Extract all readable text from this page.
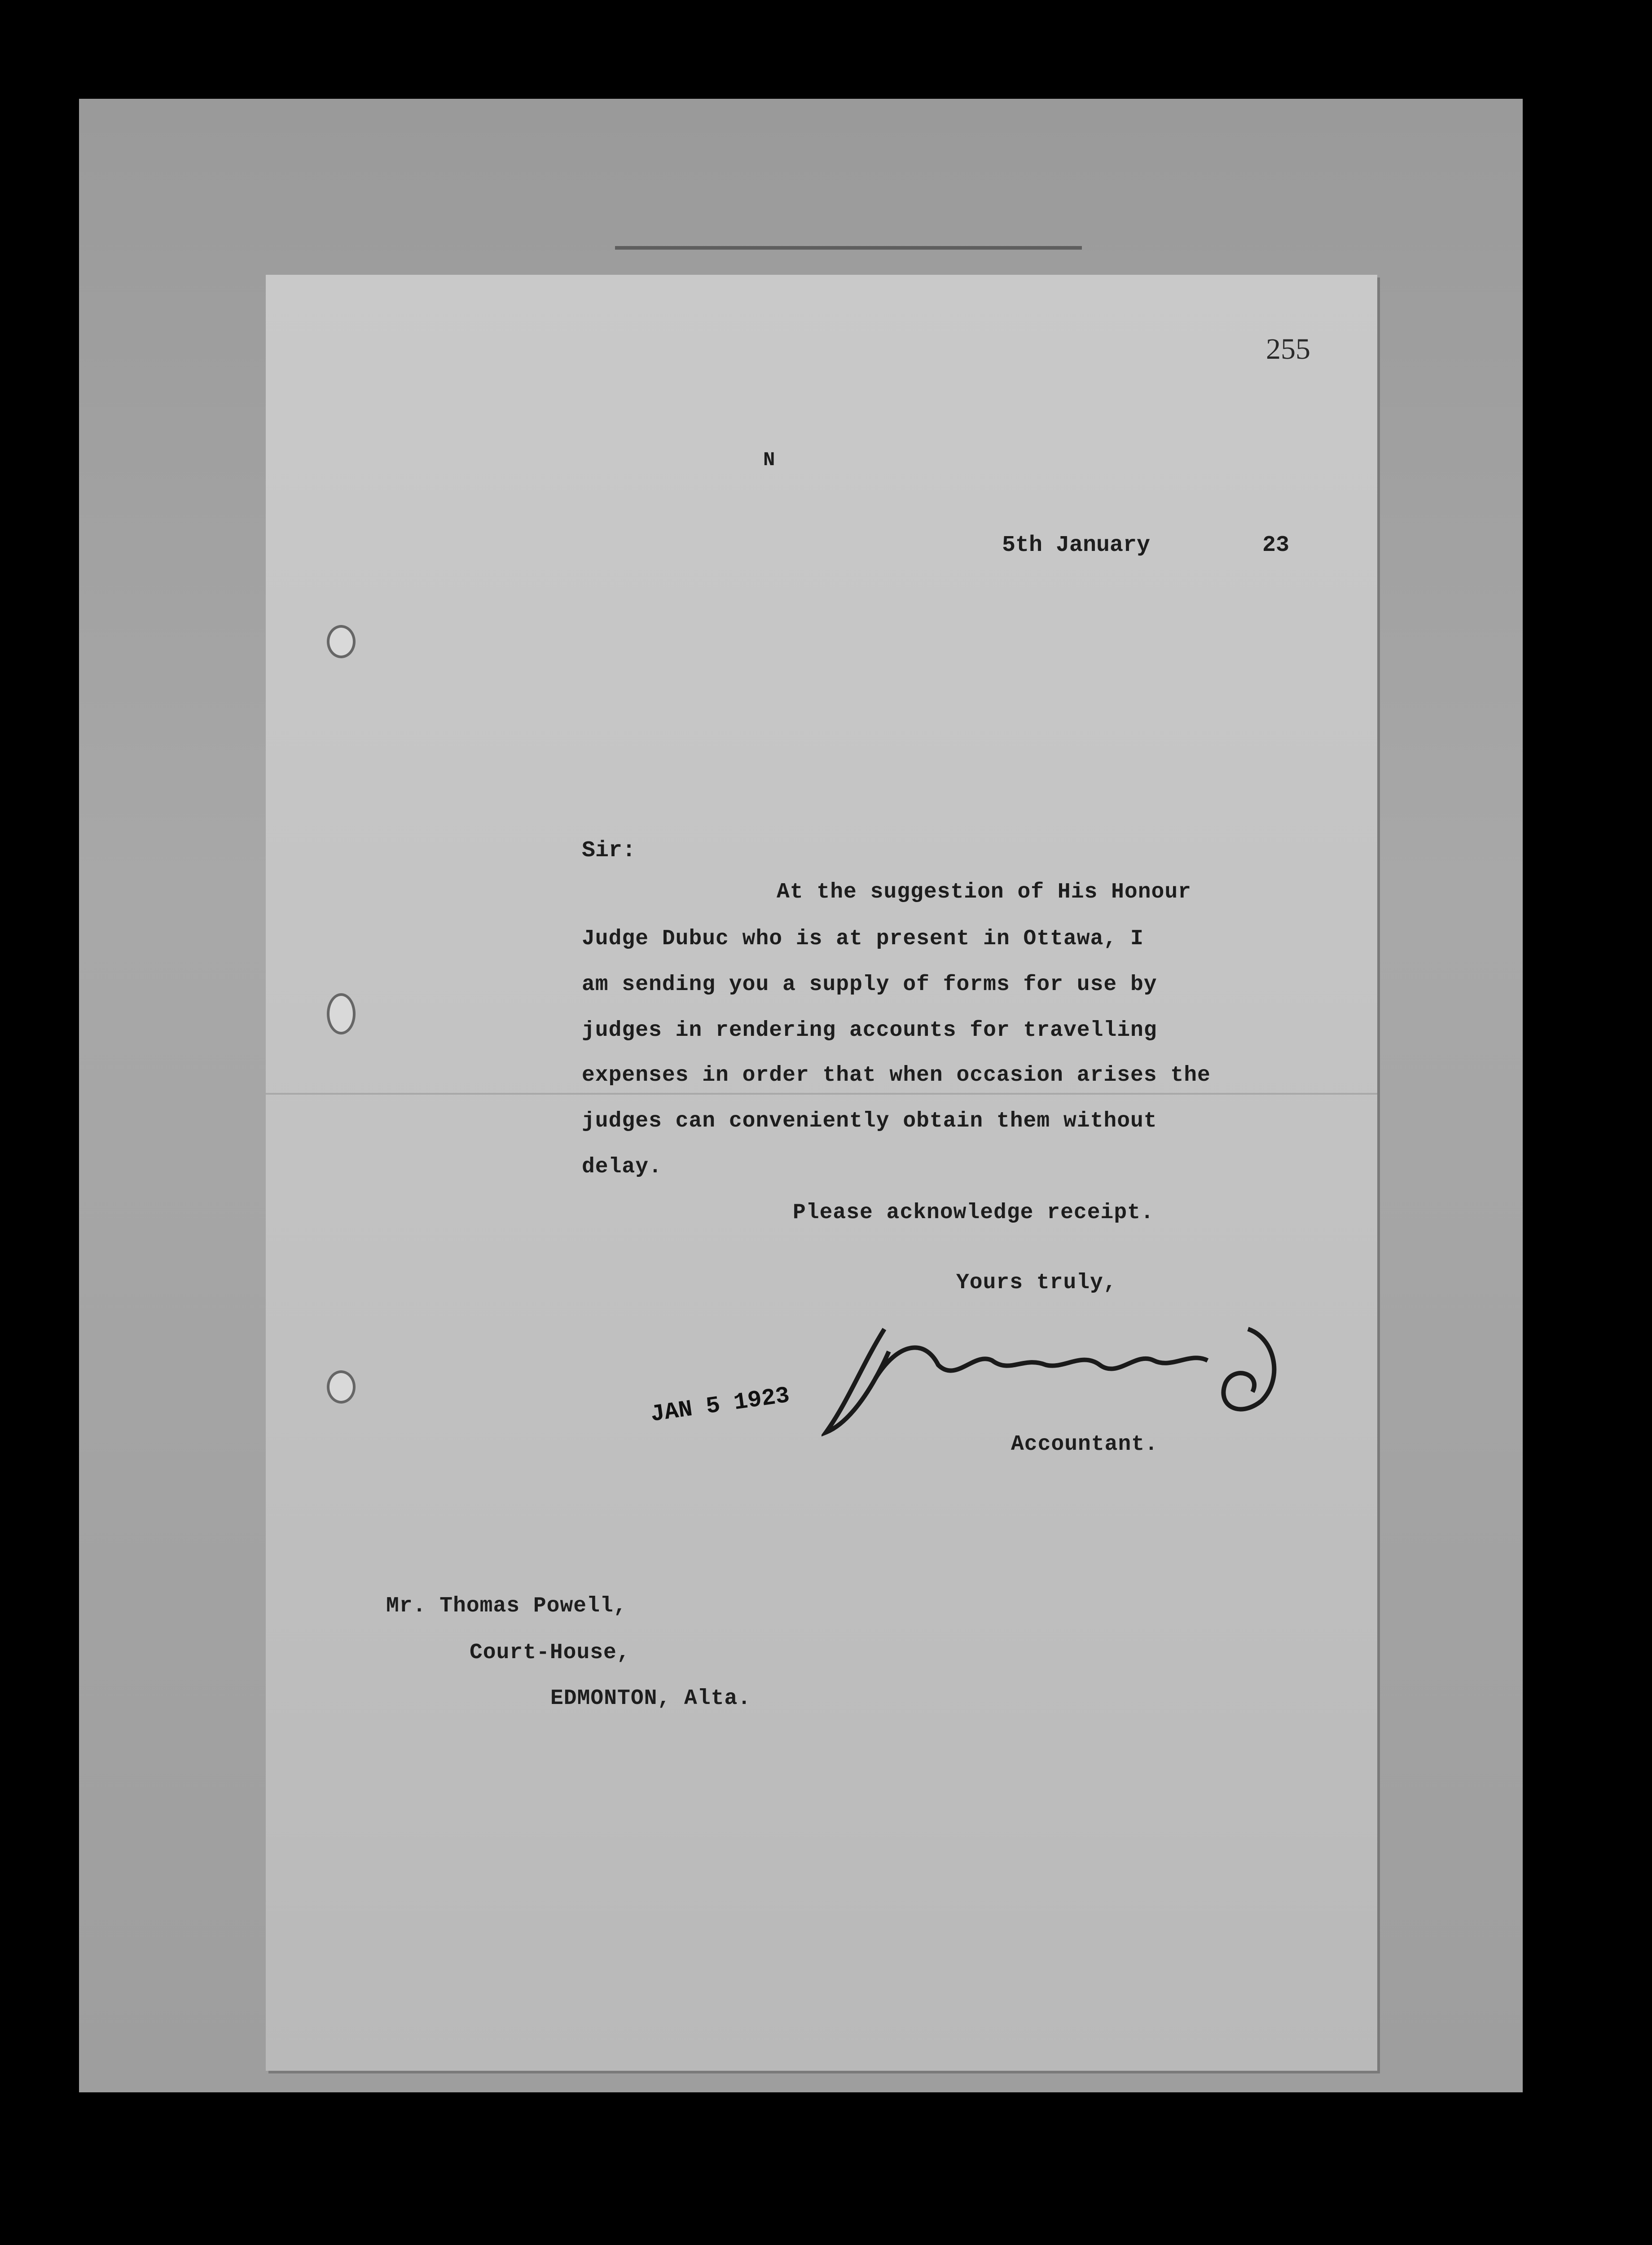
255
N
5th January	23
Sir:
At the suggestion of His Honour
Judge Dubuc who is at present in Ottawa, I
am sending you a supply of forms for use by
judges in rendering accounts for travelling
expenses in order that when occasion arises the
judges can conveniently obtain them without
delay.
Please acknowledge receipt.
Yours truly,
JAN 5 1923
Accountant.
Mr. Thomas Powell,
Court-House,
EDMONTON, Alta.
